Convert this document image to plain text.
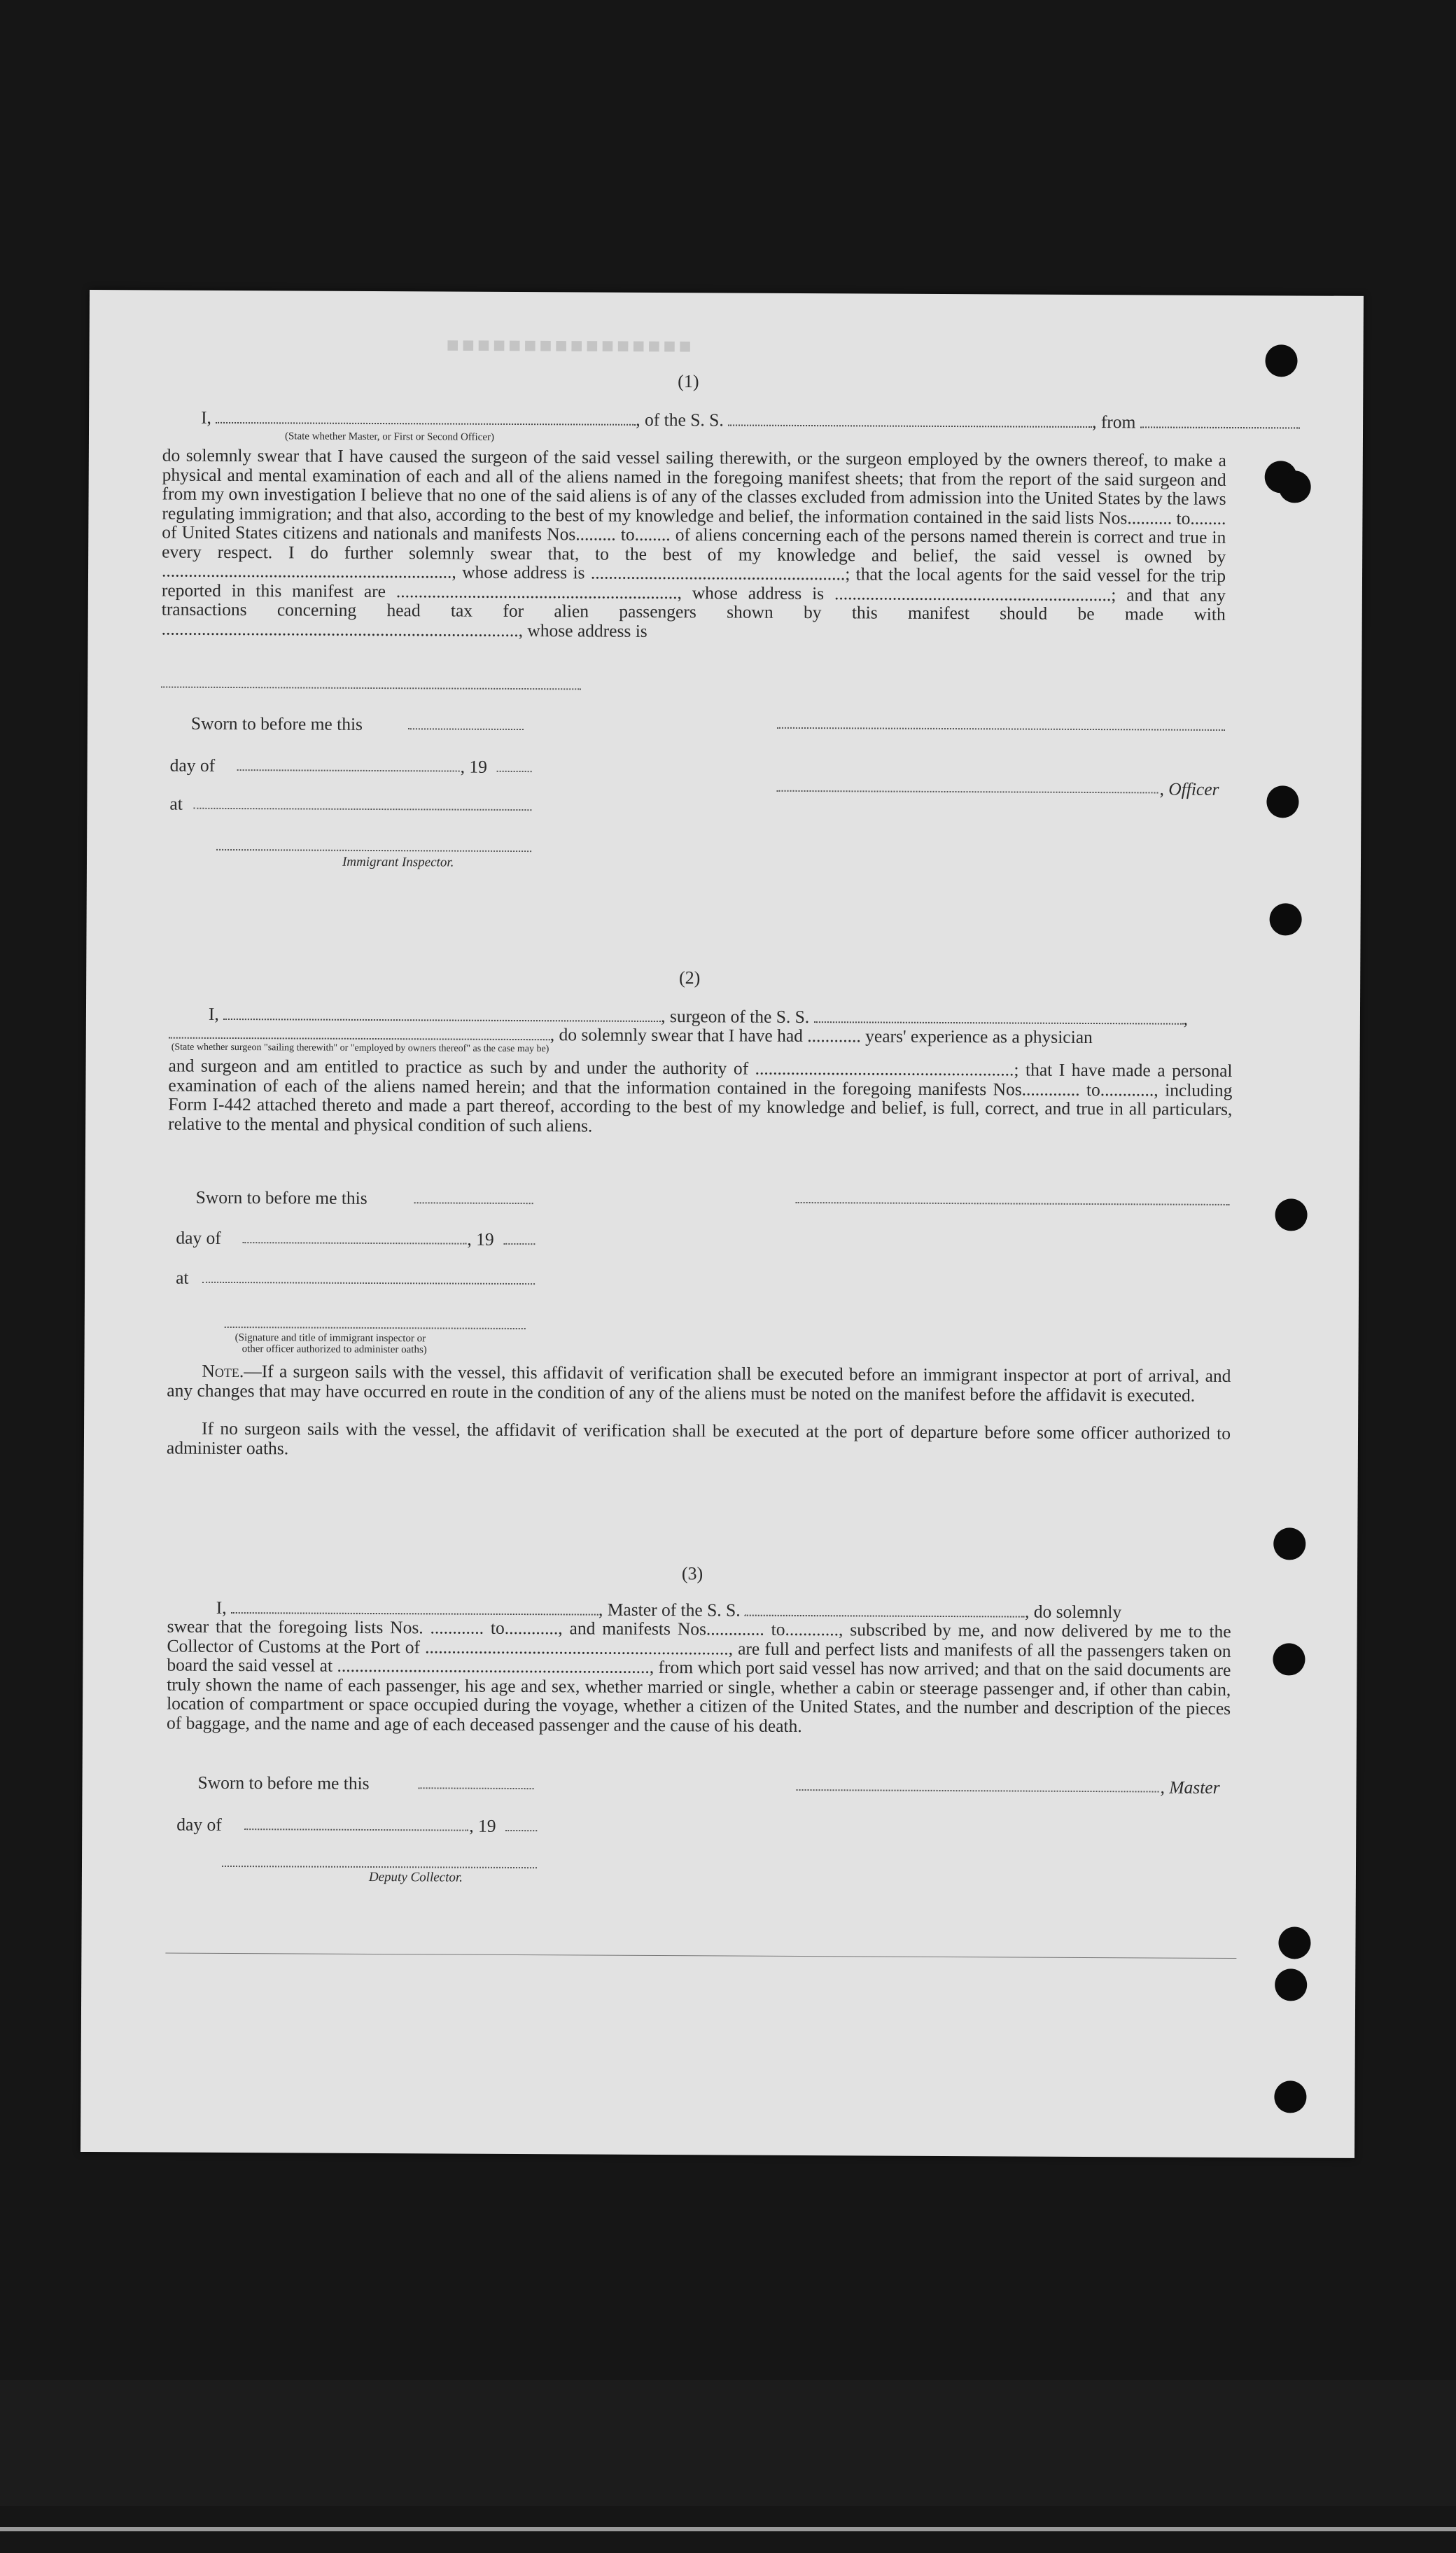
■■■■■■■■■■■■■■■■
(1)
I,	, of the S. S.	, from
(State whether Master, or First or Second Officer)
do solemnly swear that I have caused the surgeon of the said vessel sailing therewith, or the surgeon employed by the owners thereof, to make a physical and mental examination of each and all of the aliens named in the foregoing manifest sheets; that from the report of the said surgeon and from my own investigation I believe that no one of the said aliens is of any of the classes excluded from admission into the United States by the laws regulating immigration; and that also, according to the best of my knowledge and belief, the information contained in the said lists Nos.......... to........ of United States citizens and nationals and manifests Nos......... to........ of aliens concerning each of the persons named therein is correct and true in every respect. I do further solemnly swear that, to the best of my knowledge and belief, the said vessel is owned by ................................................................., whose address is .........................................................; that the local agents for the said vessel for the trip reported in this manifest are ..............................................................., whose address is ..............................................................; and that any transactions concerning head tax for alien passengers shown by this manifest should be made with ................................................................................, whose address is
Sworn to before me this
day of	, 19
at
, Officer
Immigrant Inspector.
(2)
I,	, surgeon of the S. S.	,
, do solemnly swear that I have had ............ years' experience as a physician
(State whether surgeon "sailing therewith" or "employed by owners thereof" as the case may be)
and surgeon and am entitled to practice as such by and under the authority of ..........................................................; that I have made a personal examination of each of the aliens named herein; and that the information contained in the foregoing manifests Nos............. to............, including Form I-442 attached thereto and made a part thereof, according to the best of my knowledge and belief, is full, correct, and true in all particulars, relative to the mental and physical condition of such aliens.
Sworn to before me this
day of	, 19
at
(Signature and title of immigrant inspector or
other officer authorized to administer oaths)
Note.—If a surgeon sails with the vessel, this affidavit of verification shall be executed before an immigrant inspector at port of arrival, and any changes that may have occurred en route in the condition of any of the aliens must be noted on the manifest before the affidavit is executed.
If no surgeon sails with the vessel, the affidavit of verification shall be executed at the port of departure before some officer authorized to administer oaths.
(3)
I,	, Master of the S. S.	, do solemnly
swear that the foregoing lists Nos. ............ to............, and manifests Nos............. to............, subscribed by me, and now delivered by me to the Collector of Customs at the Port of ...................................................................., are full and perfect lists and manifests of all the passengers taken on board the said vessel at ......................................................................, from which port said vessel has now arrived; and that on the said documents are truly shown the name of each passenger, his age and sex, whether married or single, whether a cabin or steerage passenger and, if other than cabin, location of compartment or space occupied during the voyage, whether a citizen of the United States, and the number and description of the pieces of baggage, and the name and age of each deceased passenger and the cause of his death.
Sworn to before me this	, Master
day of	, 19
Deputy Collector.
